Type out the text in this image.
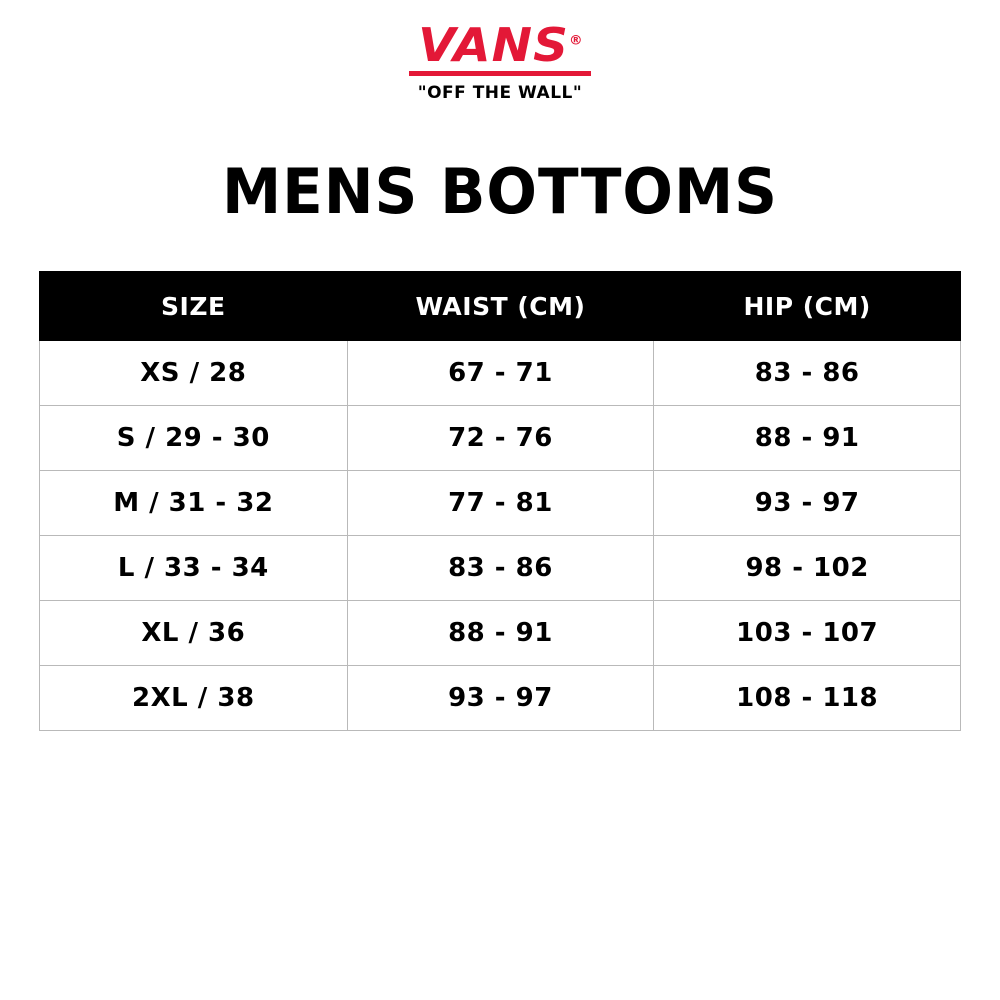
VANS®
"OFF THE WALL"
MENS BOTTOMS
SIZE	WAIST (CM)	HIP (CM)
XS / 28	67 - 71	83 - 86
S / 29 - 30	72 - 76	88 - 91
M / 31 - 32	77 - 81	93 - 97
L / 33 - 34	83 - 86	98 - 102
XL / 36	88 - 91	103 - 107
2XL / 38	93 - 97	108 - 118
